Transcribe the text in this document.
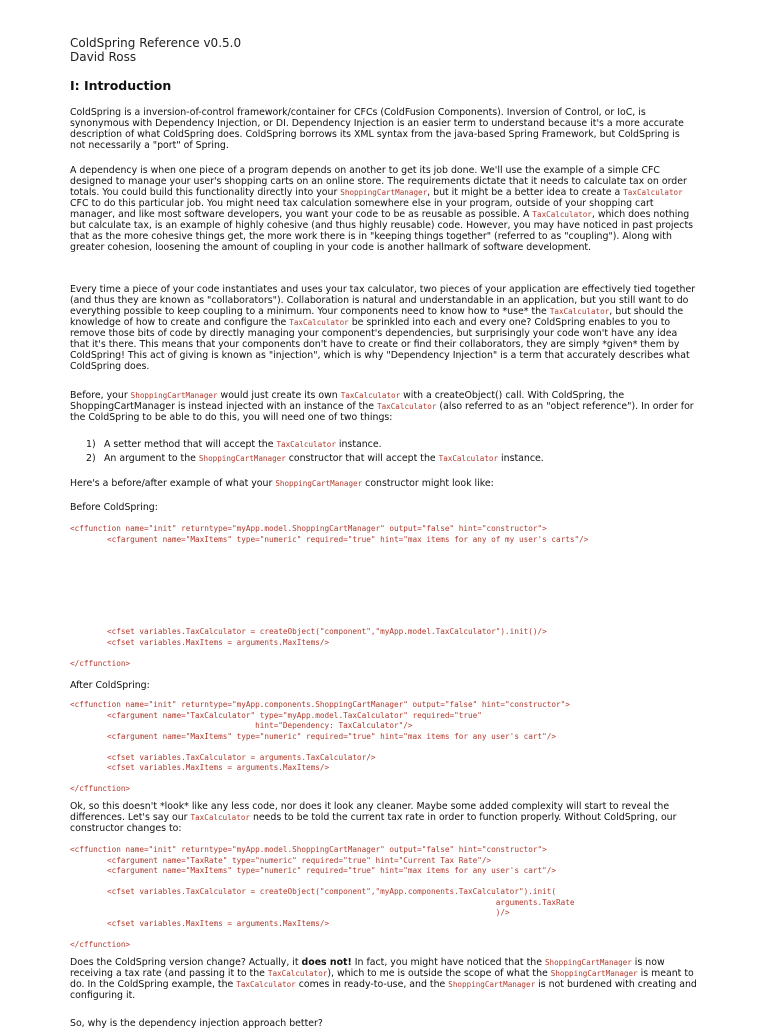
ColdSpring Reference v0.5.0
David Ross
I: Introduction
ColdSpring is a inversion-of-control framework/container for CFCs (ColdFusion Components). Inversion of Control, or IoC, is synonymous with Dependency Injection, or DI. Dependency Injection is an easier term to understand because it's a more accurate description of what ColdSpring does. ColdSpring borrows its XML syntax from the java-based Spring Framework, but ColdSpring is not necessarily a "port" of Spring.
A dependency is when one piece of a program depends on another to get its job done. We'll use the example of a simple CFC designed to manage your user's shopping carts on an online store. The requirements dictate that it needs to calculate tax on order totals. You could build this functionality directly into your ShoppingCartManager, but it might be a better idea to create a TaxCalculator CFC to do this particular job. You might need tax calculation somewhere else in your program, outside of your shopping cart manager, and like most software developers, you want your code to be as reusable as possible. A TaxCalculator, which does nothing but calculate tax, is an example of highly cohesive (and thus highly reusable) code. However, you may have noticed in past projects that as the more cohesive things get, the more work there is in "keeping things together" (referred to as "coupling"). Along with greater cohesion, loosening the amount of coupling in your code is another hallmark of software development.
Every time a piece of your code instantiates and uses your tax calculator, two pieces of your application are effectively tied together (and thus they are known as "collaborators"). Collaboration is natural and understandable in an application, but you still want to do everything possible to keep coupling to a minimum. Your components need to know how to *use* the TaxCalculator, but should the knowledge of how to create and configure the TaxCalculator be sprinkled into each and every one? ColdSpring enables to you to remove those bits of code by directly managing your component's dependencies, but surprisingly your code won't have any idea that it's there. This means that your components don't have to create or find their collaborators, they are simply *given* them by ColdSpring! This act of giving is known as "injection", which is why "Dependency Injection" is a term that accurately describes what ColdSpring does.
Before, your ShoppingCartManager would just create its own TaxCalculator with a createObject() call. With ColdSpring, the ShoppingCartManager is instead injected with an instance of the TaxCalculator (also referred to as an "object reference"). In order for the ColdSpring to be able to do this, you will need one of two things:
1) A setter method that will accept the TaxCalculator instance.
2) An argument to the ShoppingCartManager constructor that will accept the TaxCalculator instance.
Here's a before/after example of what your ShoppingCartManager constructor might look like:
Before ColdSpring:
<cffunction name="init" returntype="myApp.model.ShoppingCartManager" output="false" hint="constructor">
<cfargument name="MaxItems" type="numeric" required="true" hint="max items for any of my user's carts"/>
<cfset variables.TaxCalculator = createObject("component","myApp.model.TaxCalculator").init()/>
<cfset variables.MaxItems = arguments.MaxItems/>

</cffunction>
After ColdSpring:
<cffunction name="init" returntype="myApp.components.ShoppingCartManager" output="false" hint="constructor">
<cfargument name="TaxCalculator" type="myApp.model.TaxCalculator" required="true"
hint="Dependency: TaxCalculator"/>
<cfargument name="MaxItems" type="numeric" required="true" hint="max items for any user's cart"/>

<cfset variables.TaxCalculator = arguments.TaxCalculator/>
<cfset variables.MaxItems = arguments.MaxItems/>

</cffunction>
Ok, so this doesn't *look* like any less code, nor does it look any cleaner. Maybe some added complexity will start to reveal the differences. Let's say our TaxCalculator needs to be told the current tax rate in order to function properly. Without ColdSpring, our constructor changes to:
<cffunction name="init" returntype="myApp.model.ShoppingCartManager" output="false" hint="constructor">
<cfargument name="TaxRate" type="numeric" required="true" hint="Current Tax Rate"/>
<cfargument name="MaxItems" type="numeric" required="true" hint="max items for any user's cart"/>

<cfset variables.TaxCalculator = createObject("component","myApp.components.TaxCalculator").init(
arguments.TaxRate
)/>
<cfset variables.MaxItems = arguments.MaxItems/>

</cffunction>
Does the ColdSpring version change? Actually, it does not! In fact, you might have noticed that the ShoppingCartManager is now receiving a tax rate (and passing it to the TaxCalculator), which to me is outside the scope of what the ShoppingCartManager is meant to do. In the ColdSpring example, the TaxCalculator comes in ready-to-use, and the ShoppingCartManager is not burdened with creating and configuring it.
So, why is the dependency injection approach better?
